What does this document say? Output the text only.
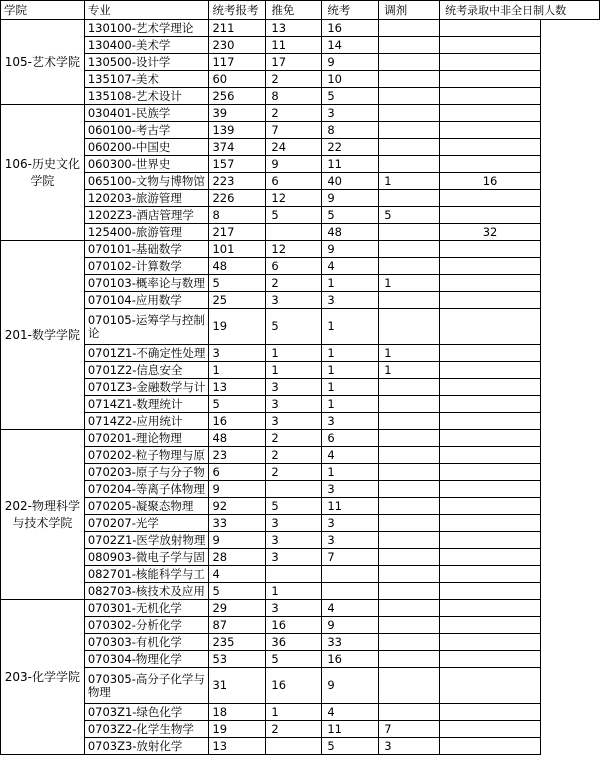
学院	专业	统考报考	推免	统考	调剂	统考录取中非全日制人数	
105-艺术学院	130100-艺术学理论	211	13	16			
	130400-美术学	230	11	14			
	130500-设计学	117	17	9			
	135107-美术	60	2	10			
	135108-艺术设计	256	8	5			
106-历史文化学院	030401-民族学	39	2	3			
	060100-考古学	139	7	8			
	060200-中国史	374	24	22			
	060300-世界史	157	9	11			
	065100-文物与博物馆	223	6	40	1	16	
	120203-旅游管理	226	12	9			
	1202Z3-酒店管理学	8	5	5	5		
	125400-旅游管理	217		48		32	
201-数学学院	070101-基础数学	101	12	9			
	070102-计算数学	48	6	4			
	070103-概率论与数理	5	2	1	1		
	070104-应用数学	25	3	3			
	070105-运筹学与控制论	19	5	1			
	0701Z1-不确定性处理	3	1	1	1		
	0701Z2-信息安全	1	1	1	1		
	0701Z3-金融数学与计	13	3	1			
	0714Z1-数理统计	5	3	1			
	0714Z2-应用统计	16	3	3			
202-物理科学与技术学院	070201-理论物理	48	2	6			
	070202-粒子物理与原	23	2	4			
	070203-原子与分子物	6	2	1			
	070204-等离子体物理	9		3			
	070205-凝聚态物理	92	5	11			
	070207-光学	33	3	3			
	0702Z1-医学放射物理	9	3	3			
	080903-微电子学与固	28	3	7			
	082701-核能科学与工	4					
	082703-核技术及应用	5	1				
203-化学学院	070301-无机化学	29	3	4			
	070302-分析化学	87	16	9			
	070303-有机化学	235	36	33			
	070304-物理化学	53	5	16			
	070305-高分子化学与物理	31	16	9			
	0703Z1-绿色化学	18	1	4			
	0703Z2-化学生物学	19	2	11	7		
	0703Z3-放射化学	13		5	3		
